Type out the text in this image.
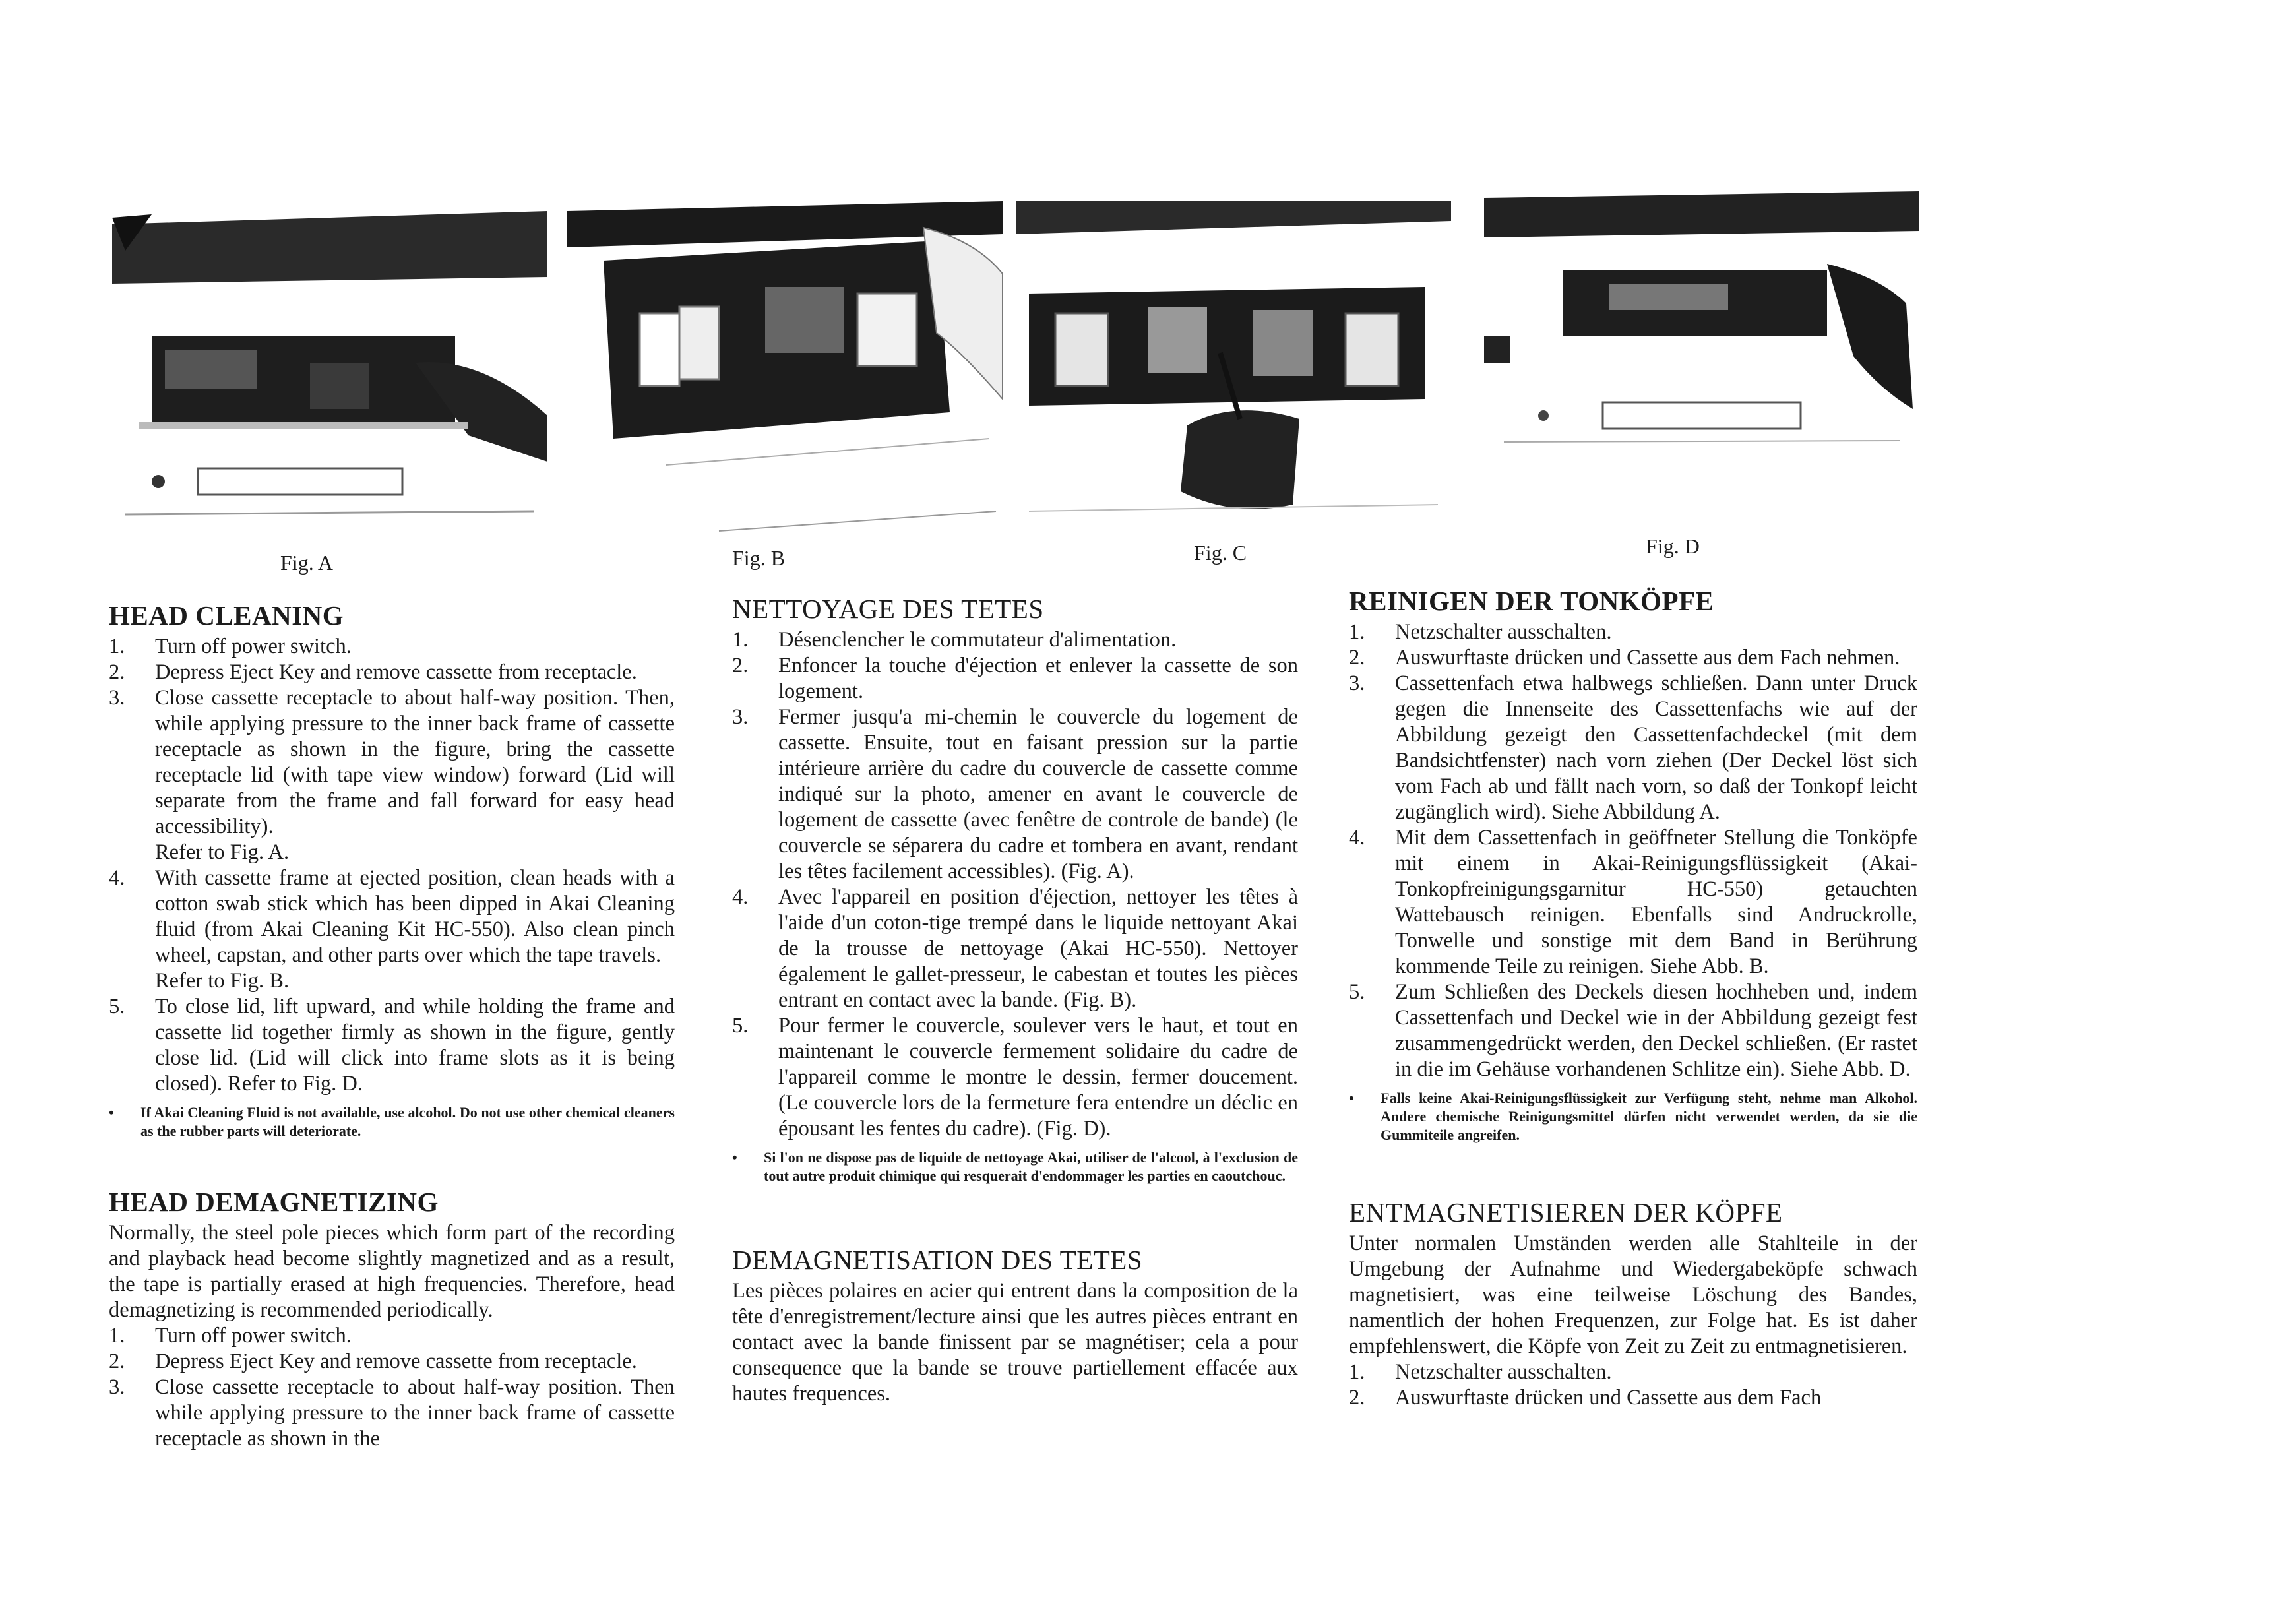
Fig. A	Fig. B	Fig. C	Fig. D
HEAD CLEANING
1. Turn off power switch.
2. Depress Eject Key and remove cassette from receptacle.
3. Close cassette receptacle to about half-way position. Then, while applying pressure to the inner back frame of cassette receptacle as shown in the figure, bring the cassette receptacle lid (with tape view window) forward (Lid will separate from the frame and fall forward for easy head accessibility).
Refer to Fig. A.
4. With cassette frame at ejected position, clean heads with a cotton swab stick which has been dipped in Akai Cleaning fluid (from Akai Cleaning Kit HC-550). Also clean pinch wheel, capstan, and other parts over which the tape travels.
Refer to Fig. B.
5. To close lid, lift upward, and while holding the frame and cassette lid together firmly as shown in the figure, gently close lid. (Lid will click into frame slots as it is being closed). Refer to Fig. D.
• If Akai Cleaning Fluid is not available, use alcohol. Do not use other chemical cleaners as the rubber parts will deteriorate.
HEAD DEMAGNETIZING

Normally, the steel pole pieces which form part of the recording and playback head become slightly magnetized and as a result, the tape is partially erased at high frequencies. Therefore, head demagnetizing is recommended periodically.

1. Turn off power switch.
2. Depress Eject Key and remove cassette from receptacle.
3. Close cassette receptacle to about half-way position. Then while applying pressure to the inner back frame of cassette receptacle as shown in the
NETTOYAGE DES TETES
1. Désenclencher le commutateur d'alimentation.
2. Enfoncer la touche d'éjection et enlever la cassette de son logement.
3. Fermer jusqu'a mi-chemin le couvercle du logement de cassette. Ensuite, tout en faisant pression sur la partie intérieure arrière du cadre du couvercle de cassette comme indiqué sur la photo, amener en avant le couvercle de logement de cassette (avec fenêtre de controle de bande) (le couvercle se séparera du cadre et tombera en avant, rendant les têtes facilement accessibles). (Fig. A).
4. Avec l'appareil en position d'éjection, nettoyer les têtes à l'aide d'un coton-tige trempé dans le liquide nettoyant Akai de la trousse de nettoyage (Akai HC-550). Nettoyer également le gallet-presseur, le cabestan et toutes les pièces entrant en contact avec la bande. (Fig. B).
5. Pour fermer le couvercle, soulever vers le haut, et tout en maintenant le couvercle fermement solidaire du cadre de l'appareil comme le montre le dessin, fermer doucement. (Le couvercle lors de la fermeture fera entendre un déclic en épousant les fentes du cadre). (Fig. D).
• Si l'on ne dispose pas de liquide de nettoyage Akai, utiliser de l'alcool, à l'exclusion de tout autre produit chimique qui resquerait d'endommager les parties en caoutchouc.
DEMAGNETISATION DES TETES

Les pièces polaires en acier qui entrent dans la composition de la tête d'enregistrement/lecture ainsi que les autres pièces entrant en contact avec la bande finissent par se magnétiser; cela a pour consequence que la bande se trouve partiellement effacée aux hautes frequences.

REINIGEN DER TONKÖPFE
1. Netzschalter ausschalten.
2. Auswurftaste drücken und Cassette aus dem Fach nehmen.
3. Cassettenfach etwa halbwegs schließen. Dann unter Druck gegen die Innenseite des Cassettenfachs wie auf der Abbildung gezeigt den Cassettenfachdeckel (mit dem Bandsichtfenster) nach vorn ziehen (Der Deckel löst sich vom Fach ab und fällt nach vorn, so daß der Tonkopf leicht zugänglich wird). Siehe Abbildung A.
4. Mit dem Cassettenfach in geöffneter Stellung die Tonköpfe mit einem in Akai-Reinigungsflüssigkeit (Akai-Tonkopfreinigungsgarnitur HC-550) getauchten Wattebausch reinigen. Ebenfalls sind Andruckrolle, Tonwelle und sonstige mit dem Band in Berührung kommende Teile zu reinigen. Siehe Abb. B.
5. Zum Schließen des Deckels diesen hochheben und, indem Cassettenfach und Deckel wie in der Abbildung gezeigt fest zusammengedrückt werden, den Deckel schließen. (Er rastet in die im Gehäuse vorhandenen Schlitze ein). Siehe Abb. D.
• Falls keine Akai-Reinigungsflüssigkeit zur Verfügung steht, nehme man Alkohol. Andere chemische Reinigungsmittel dürfen nicht verwendet werden, da sie die Gummiteile angreifen.
ENTMAGNETISIEREN DER KÖPFE

Unter normalen Umständen werden alle Stahlteile in der Umgebung der Aufnahme und Wiedergabeköpfe schwach magnetisiert, was eine teilweise Löschung des Bandes, namentlich der hohen Frequenzen, zur Folge hat. Es ist daher empfehlenswert, die Köpfe von Zeit zu Zeit zu entmagnetisieren.

1. Netzschalter ausschalten.
2. Auswurftaste drücken und Cassette aus dem Fach
